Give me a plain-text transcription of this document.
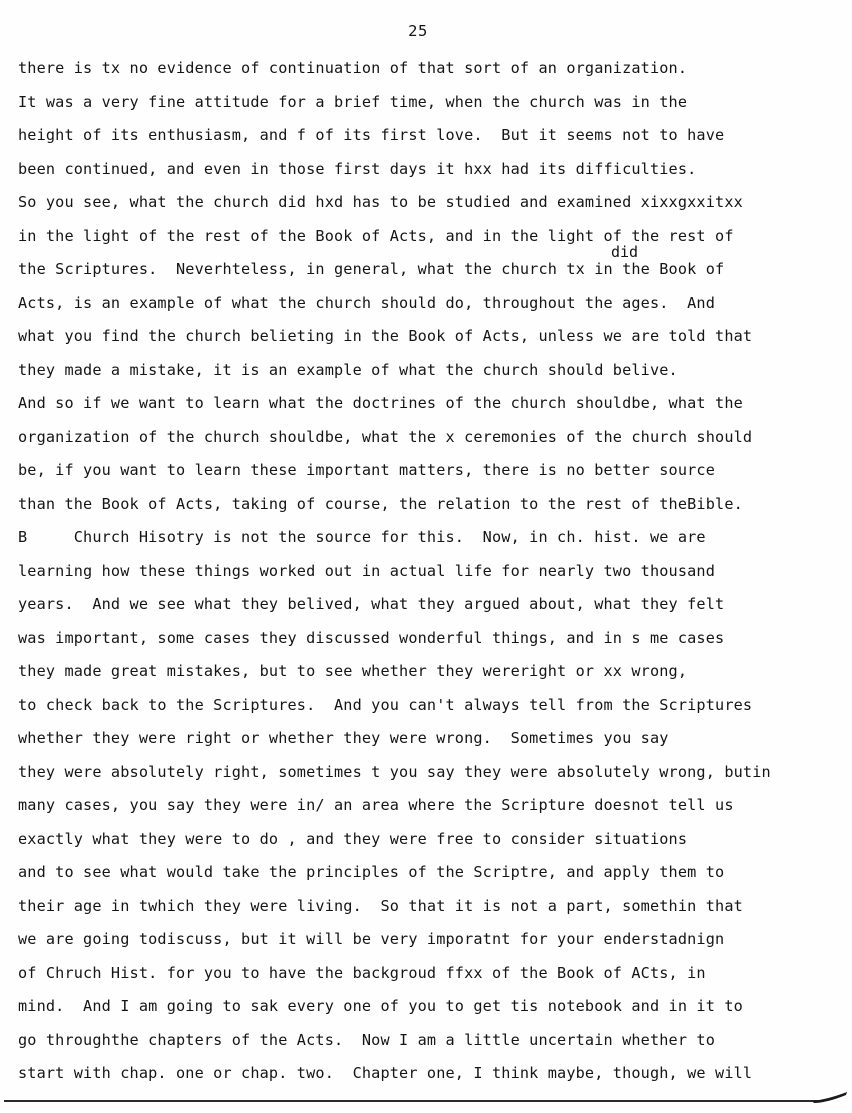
25
there is tx no evidence of continuation of that sort of an organization.
It was a very fine attitude for a brief time, when the church was in the
height of its enthusiasm, and f of its first love.  But it seems not to have
been continued, and even in those first days it hxx had its difficulties.
So you see, what the church did hxd has to be studied and examined xixxgxxitxx
in the light of the rest of the Book of Acts, and in the light of the rest of
the Scriptures.  Neverhteless, in general, what the church tx in the Book of
Acts, is an example of what the church should do, throughout the ages.  And
what you find the church belieting in the Book of Acts, unless we are told that
they made a mistake, it is an example of what the church should belive.
And so if we want to learn what the doctrines of the church shouldbe, what the
organization of the church shouldbe, what the x ceremonies of the church should
be, if you want to learn these important matters, there is no better source
than the Book of Acts, taking of course, the relation to the rest of theBible.
B     Church Hisotry is not the source for this.  Now, in ch. hist. we are
learning how these things worked out in actual life for nearly two thousand
years.  And we see what they belived, what they argued about, what they felt
was important, some cases they discussed wonderful things, and in s me cases
they made great mistakes, but to see whether they wereright or xx wrong,
to check back to the Scriptures.  And you can't always tell from the Scriptures
whether they were right or whether they were wrong.  Sometimes you say
they were absolutely right, sometimes t you say they were absolutely wrong, butin
many cases, you say they were in/ an area where the Scripture doesnot tell us
exactly what they were to do , and they were free to consider situations
and to see what would take the principles of the Scriptre, and apply them to
their age in twhich they were living.  So that it is not a part, somethin that
we are going todiscuss, but it will be very imporatnt for your enderstadnign
of Chruch Hist. for you to have the backgroud ffxx of the Book of ACts, in
mind.  And I am going to sak every one of you to get tis notebook and in it to
go throughthe chapters of the Acts.  Now I am a little uncertain whether to
start with chap. one or chap. two.  Chapter one, I think maybe, though, we will
did
